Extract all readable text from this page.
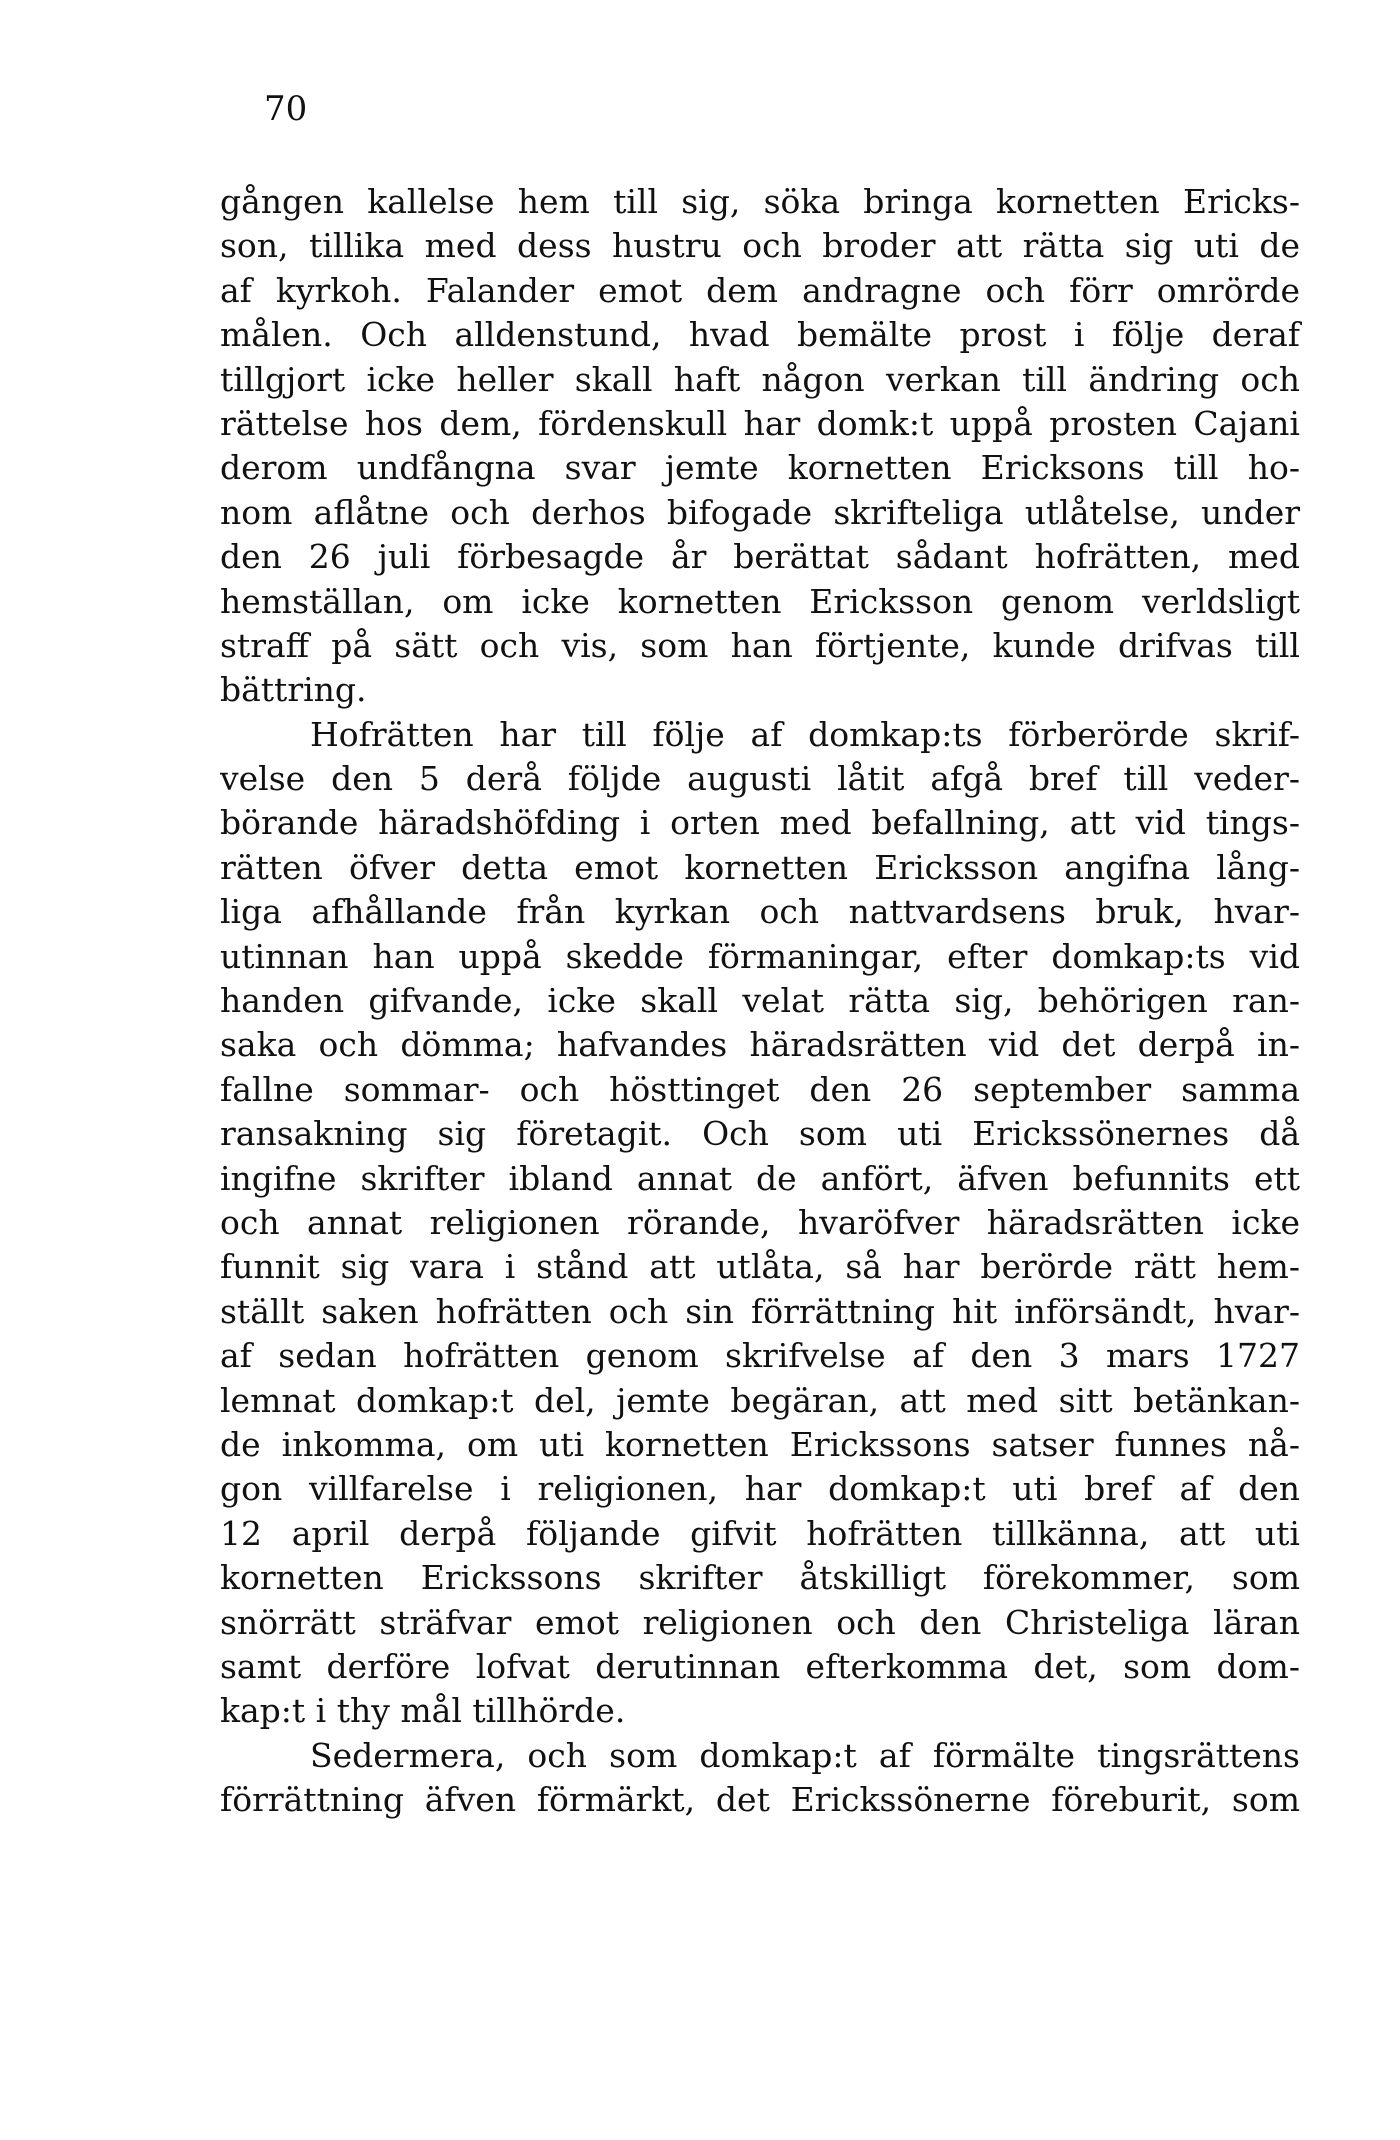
70
gången kallelse hem till sig, söka bringa kornetten Ericks-
son, tillika med dess hustru och broder att rätta sig uti de
af kyrkoh. Falander emot dem andragne och förr omrörde
målen. Och alldenstund, hvad bemälte prost i följe deraf
tillgjort icke heller skall haft någon verkan till ändring och
rättelse hos dem, fördenskull har domk:t uppå prosten Cajani
derom undfångna svar jemte kornetten Ericksons till ho-
nom aflåtne och derhos bifogade skrifteliga utlåtelse, under
den 26 juli förbesagde år berättat sådant hofrätten, med
hemställan, om icke kornetten Ericksson genom verldsligt
straff på sätt och vis, som han förtjente, kunde drifvas till
bättring.
Hofrätten har till följe af domkap:ts förberörde skrif-
velse den 5 derå följde augusti låtit afgå bref till veder-
börande häradshöfding i orten med befallning, att vid tings-
rätten öfver detta emot kornetten Ericksson angifna lång-
liga afhållande från kyrkan och nattvardsens bruk, hvar-
utinnan han uppå skedde förmaningar, efter domkap:ts vid
handen gifvande, icke skall velat rätta sig, behörigen ran-
saka och dömma; hafvandes häradsrätten vid det derpå in-
fallne sommar- och hösttinget den 26 september samma
ransakning sig företagit. Och som uti Erickssönernes då
ingifne skrifter ibland annat de anfört, äfven befunnits ett
och annat religionen rörande, hvaröfver häradsrätten icke
funnit sig vara i stånd att utlåta, så har berörde rätt hem-
ställt saken hofrätten och sin förrättning hit införsändt, hvar-
af sedan hofrätten genom skrifvelse af den 3 mars 1727
lemnat domkap:t del, jemte begäran, att med sitt betänkan-
de inkomma, om uti kornetten Erickssons satser funnes nå-
gon villfarelse i religionen, har domkap:t uti bref af den
12 april derpå följande gifvit hofrätten tillkänna, att uti
kornetten Erickssons skrifter åtskilligt förekommer, som
snörrätt sträfvar emot religionen och den Christeliga läran
samt derföre lofvat derutinnan efterkomma det, som dom-
kap:t i thy mål tillhörde.
Sedermera, och som domkap:t af förmälte tingsrättens
förrättning äfven förmärkt, det Erickssönerne föreburit, som
